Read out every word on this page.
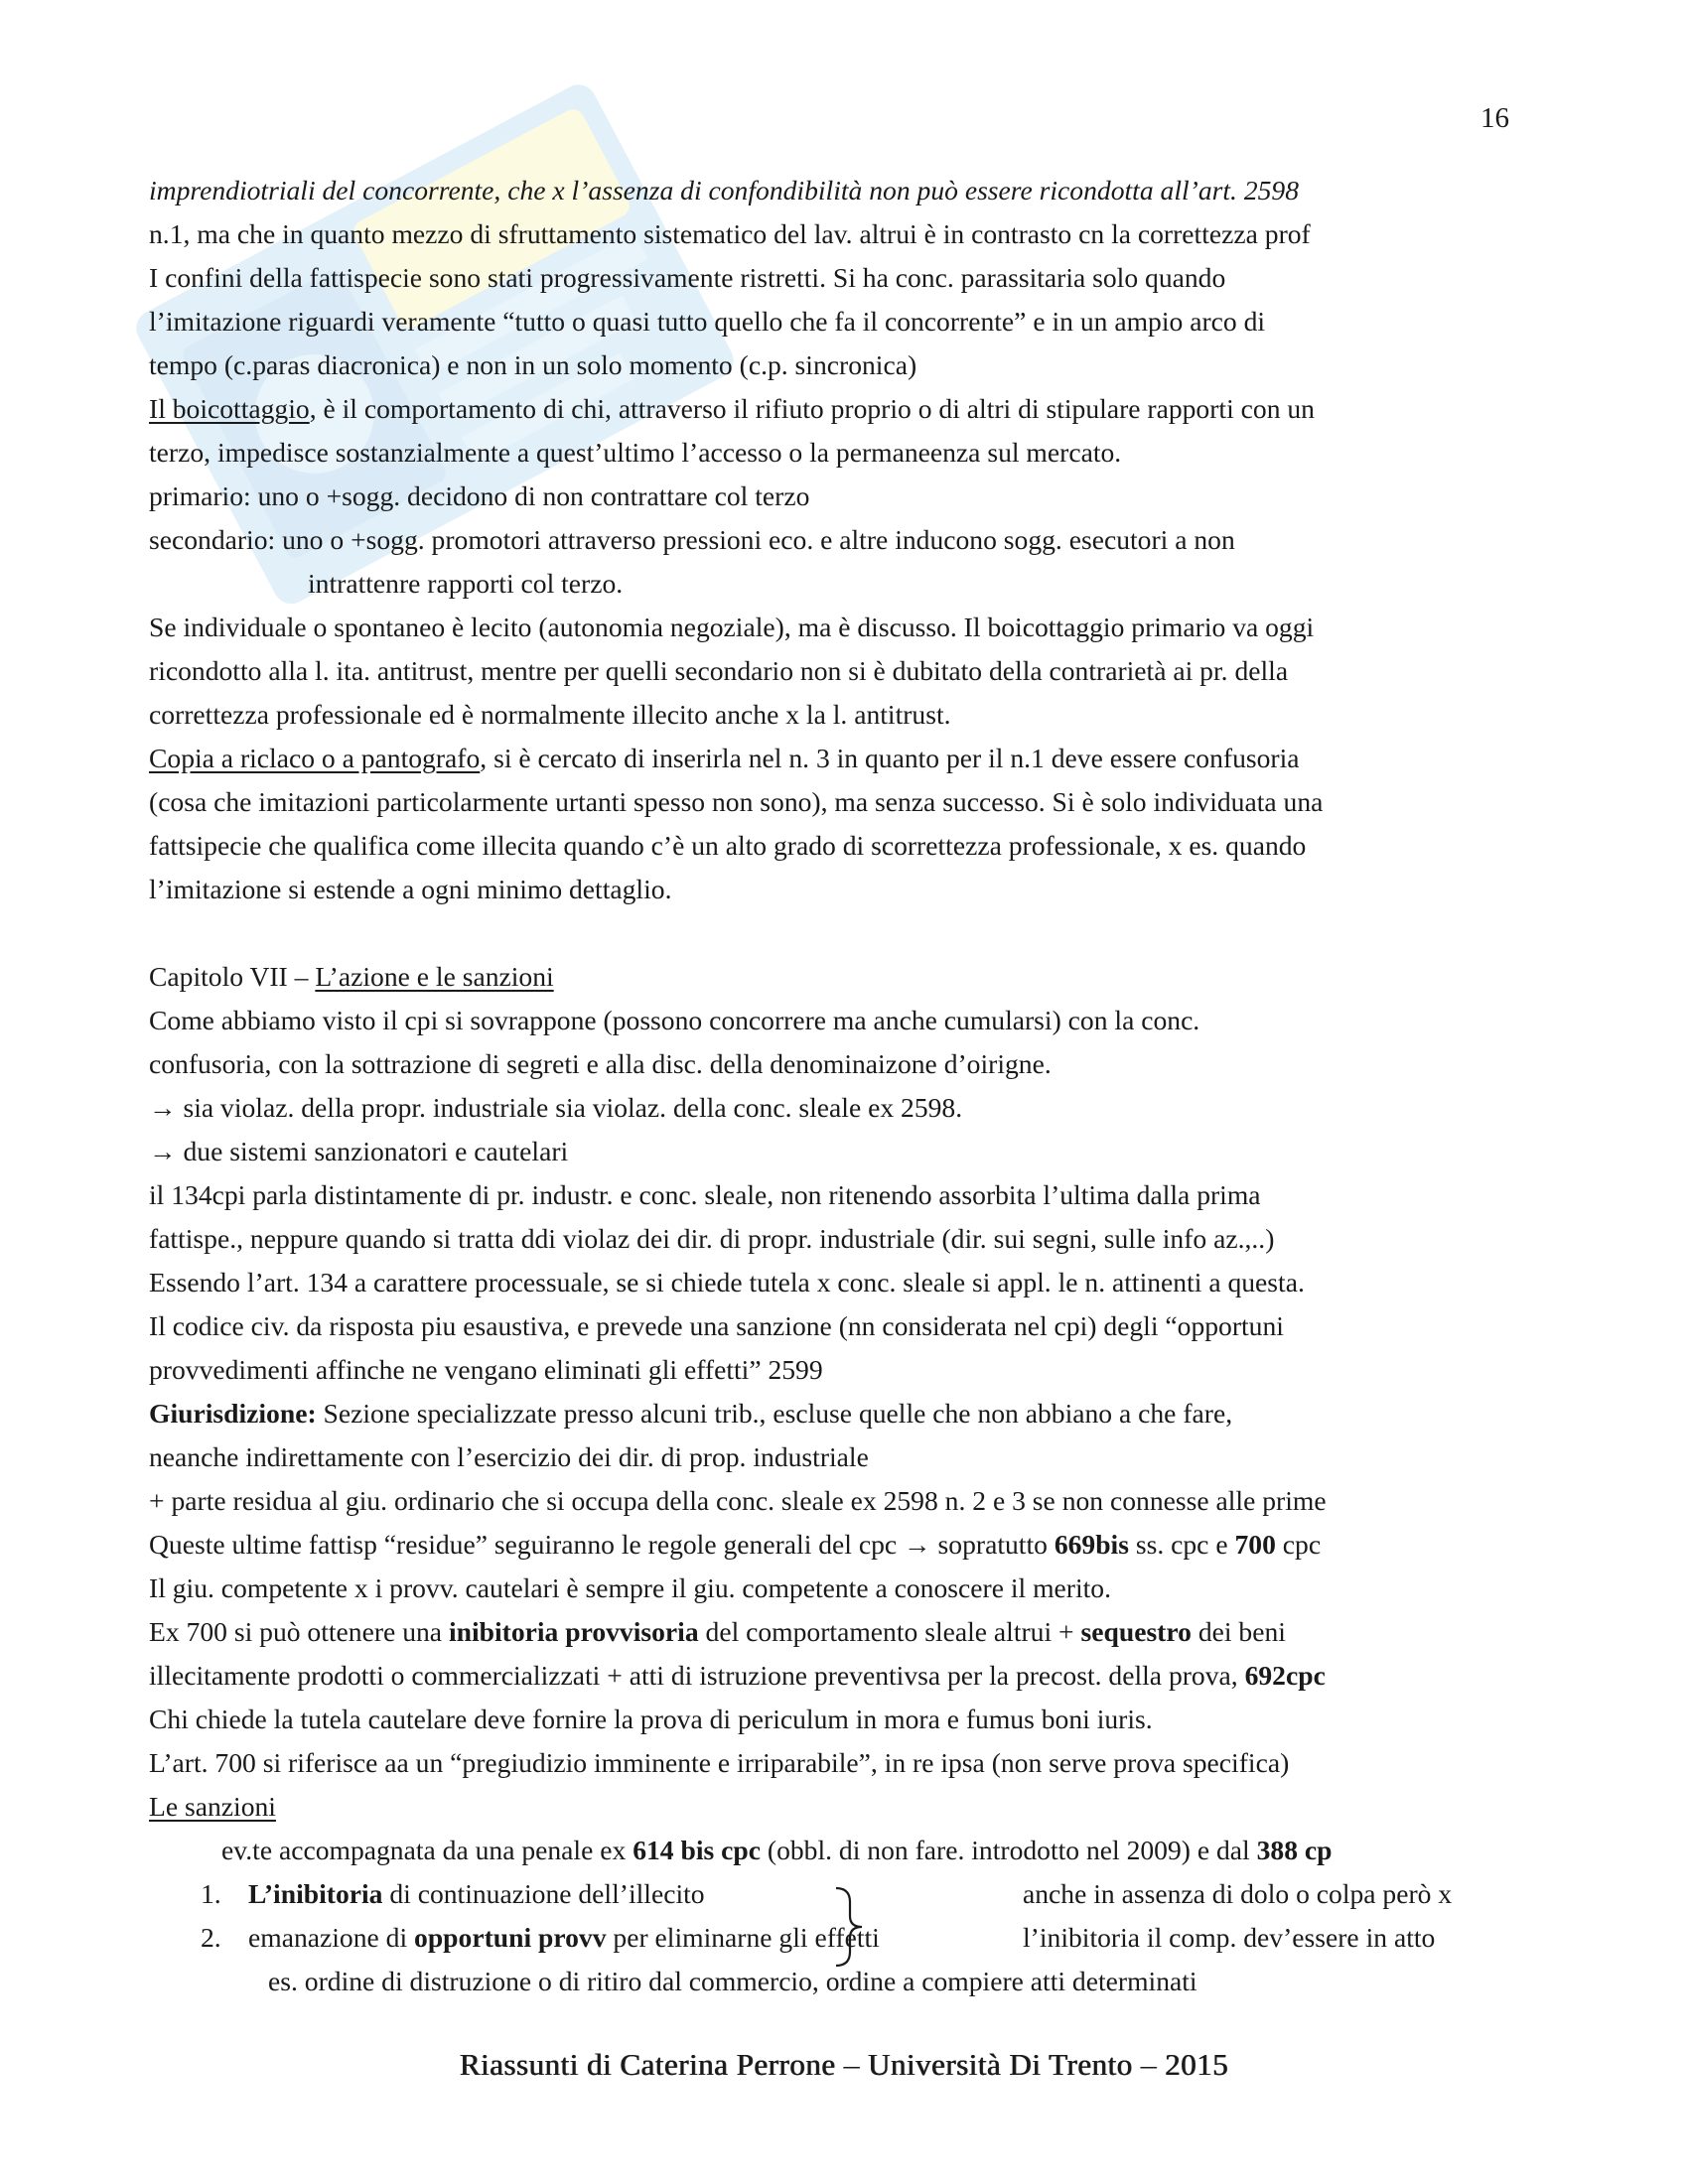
16
imprendiotriali del concorrente, che x l’assenza di confondibilità non può essere ricondotta all’art. 2598
n.1, ma che in quanto mezzo di sfruttamento sistematico del lav. altrui è in contrasto cn la correttezza prof
I confini della fattispecie sono stati progressivamente ristretti. Si ha conc. parassitaria solo quando
l’imitazione riguardi veramente “tutto o quasi tutto quello che fa il concorrente” e in un ampio arco di
tempo (c.paras diacronica) e non in un solo momento (c.p. sincronica)
Il boicottaggio, è il comportamento di chi, attraverso il rifiuto proprio o di altri di stipulare rapporti con un
terzo, impedisce sostanzialmente a quest’ultimo l’accesso o la permaneenza sul mercato.
primario: uno o +sogg. decidono di non contrattare col terzo
secondario: uno o +sogg. promotori attraverso pressioni eco. e altre inducono sogg. esecutori a non
intrattenre rapporti col terzo.
Se individuale o spontaneo è lecito (autonomia negoziale), ma è discusso. Il boicottaggio primario va oggi
ricondotto alla l. ita. antitrust, mentre per quelli secondario non si è dubitato della contrarietà ai pr. della
correttezza professionale ed è normalmente illecito anche x la l. antitrust.
Copia a riclaco o a pantografo, si è cercato di inserirla nel n. 3 in quanto per il n.1 deve essere confusoria
(cosa che imitazioni particolarmente urtanti spesso non sono), ma senza successo. Si è solo individuata una
fattsipecie che qualifica come illecita quando c’è un alto grado di scorrettezza professionale, x es. quando
l’imitazione si estende a ogni minimo dettaglio.
Capitolo VII – L’azione e le sanzioni
Come abbiamo visto il cpi si sovrappone (possono concorrere ma anche cumularsi) con la conc.
confusoria, con la sottrazione di segreti e alla disc. della denominaizone d’oirigne.
→ sia violaz. della propr. industriale sia violaz. della conc. sleale ex 2598.
→ due sistemi sanzionatori e cautelari
il 134cpi parla distintamente di pr. industr. e conc. sleale, non ritenendo assorbita l’ultima dalla prima
fattispe., neppure quando si tratta ddi violaz dei dir. di propr. industriale (dir. sui segni, sulle info az.,..)
Essendo l’art. 134 a carattere processuale, se si chiede tutela x conc. sleale si appl. le n. attinenti a questa.
Il codice civ. da risposta piu esaustiva, e prevede una sanzione (nn considerata nel cpi) degli “opportuni
provvedimenti affinche ne vengano eliminati gli effetti” 2599
Giurisdizione: Sezione specializzate presso alcuni trib., escluse quelle che non abbiano a che fare,
neanche indirettamente con l’esercizio dei dir. di prop. industriale
+ parte residua al giu. ordinario che si occupa della conc. sleale ex 2598 n. 2 e 3 se non connesse alle prime
Queste ultime fattisp “residue” seguiranno le regole generali del cpc → sopratutto 669bis ss. cpc e 700 cpc
Il giu. competente x i provv. cautelari è sempre il giu. competente a conoscere il merito.
Ex 700 si può ottenere una inibitoria provvisoria del comportamento sleale altrui + sequestro dei beni
illecitamente prodotti o commercializzati + atti di istruzione preventivsa per la precost. della prova, 692cpc
Chi chiede la tutela cautelare deve fornire la prova di periculum in mora e fumus boni iuris.
L’art. 700 si riferisce aa un “pregiudizio imminente e irriparabile”, in re ipsa (non serve prova specifica)
Le sanzioni
ev.te accompagnata da una penale ex 614 bis cpc (obbl. di non fare. introdotto nel 2009) e dal 388 cp
1. L’inibitoria di continuazione dell’illecito	anche in assenza di dolo o colpa però x
2. emanazione di opportuni provv per eliminarne gli effetti	l’inibitoria il comp. dev’essere in atto
es. ordine di distruzione o di ritiro dal commercio, ordine a compiere atti determinati
Riassunti di Caterina Perrone – Università Di Trento – 2015
